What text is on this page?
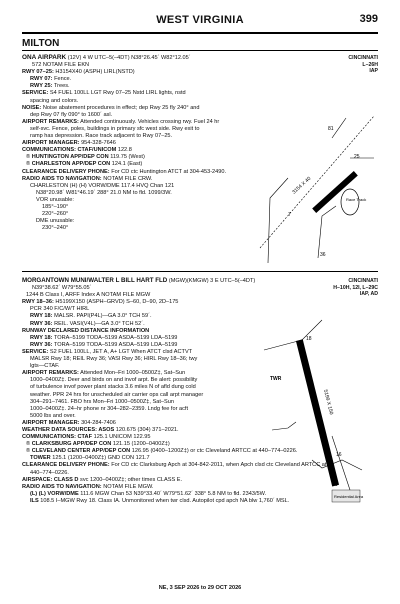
WEST VIRGINIA	399
MILTON
ONA AIRPARK (12V) 4 W UTC–5(–4DT) N38°26.45´ W82°12.05´
572 NOTAM FILE EKN
RWY 07–25: H3154X40 (ASPH) LIRL(NSTD)
RWY 07: Fence.
RWY 25: Trees.
SERVICE: S4 FUEL 100LL LGT Rwy 07–25 Nstd LIRL lights, nstd
spacing and colors.
NOISE: Noise abatement procedures in effect; dep Rwy 25 fly 240° and
dep Rwy 07 fly 090° to 1600´ asl.
AIRPORT REMARKS: Attended continuously. Vehicles crossing rwy. Fuel 24 hr
self-svc. Fence, poles, buildings in primary sfc west side. Rwy exit to
ramp has depression. Race track adjacent to Rwy 07–25.
AIRPORT MANAGER: 954-328-7646
COMMUNICATIONS: CTAF/UNICOM 122.8
® HUNTINGTON APP/DEP CON 119.75 (West)
® CHARLESTON APP/DEP CON 124.1 (East)
CLEARANCE DELIVERY PHONE: For CD ctc Huntington ATCT at 304-453-2490.
RADIO AIDS TO NAVIGATION: NOTAM FILE CRW.
CHARLESTON (H) (H) VORW/DME 117.4 HVQ Chan 121
N38°20.98´ W81°46.19´ 288° 21.0 NM to fld. 1099/3W.
VOR unusable:
185°–190°
220°–260°
DME unusable:
230°–240°
CINCINNATI
L–26H
IAP
Race Track
3154 X 40
7
25
81
36
MORGANTOWN MUNI/WALTER L BILL HART FLD (MGW)(KMGW) 3 E UTC–5(–4DT)
N39°38.62´ W79°55.05´
1244 B Class I, ARFF Index A NOTAM FILE MGW
RWY 18–36: H5199X150 (ASPH–GRVD) S–60, D–90, 2D–175
PCR 340 F/C/W/T HIRL
RWY 18: MALSR. PAPI(P4L)—GA 3.0° TCH 59´.
RWY 36: REIL. VASI(V4L)—GA 3.0° TCH 52´.
RUNWAY DECLARED DISTANCE INFORMATION
RWY 18: TORA–5199 TODA–5199 ASDA–5199 LDA–5199
RWY 36: TORA–5199 TODA–5199 ASDA–5199 LDA–5199
SERVICE: S2 FUEL 100LL, JET A, A+ LGT When ATCT clsd ACTVT
MALSR Rwy 18; REIL Rwy 36; VASI Rwy 36; HIRL Rwy 18–36; twy
lgts—CTAF.
AIRPORT REMARKS: Attended Mon–Fri 1000–0500Z‡, Sat–Sun
1000–0400Z‡. Deer and birds on and invof arpt. Be alert: possibility
of turbulence invof power plant stacks 3.6 miles N of afld dung cold
weather. PPR 24 hrs for unscheduled air carrier ops call arpt manager
304–291–7461. FBO hrs Mon–Fri 1000–0500Z‡, Sat–Sun
1000–0400Z‡. 24–hr phone nr 304–282–2359. Lndg fee for acft
5000 lbs and over.
AIRPORT MANAGER: 304-284-7406
WEATHER DATA SOURCES: ASOS 120.675 (304) 371–2021.
COMMUNICATIONS: CTAF 125.1 UNICOM 122.95
® CLARKSBURG APP/DEP CON 121.15 (1200–0400Z‡)
® CLEVELAND CENTER APP/DEP CON 126.95 (0400–1200Z‡) or ctc Cleveland ARTCC at 440–774–0226.
TOWER 125.1 (1200–0400Z‡) GND CON 121.7
CLEARANCE DELIVERY PHONE: For CD ctc Clarksburg Apch at 304-842-2011, when Apch clsd ctc Cleveland ARTCC at
440–774–0226.
AIRSPACE: CLASS D svc 1200–0400Z‡; other times CLASS E.
RADIO AIDS TO NAVIGATION: NOTAM FILE MGW.
(L) (L) VORW/DME 111.6 MGW Chan 53 N39°33.40´ W79°51.62´ 338° 5.8 NM to fld. 2343/5W.
ILS 108.5 I–MGW Rwy 18. Class IA. Unmonitored when twr clsd. Autopilot cpd apch NA blw 1,760´ MSL.
CINCINNATI
H–10H, 12I, L–29C
IAP, AD
5199 X 150
18
36
TWR
16
Residential Area
NE, 3 SEP 2026 to 29 OCT 2026
